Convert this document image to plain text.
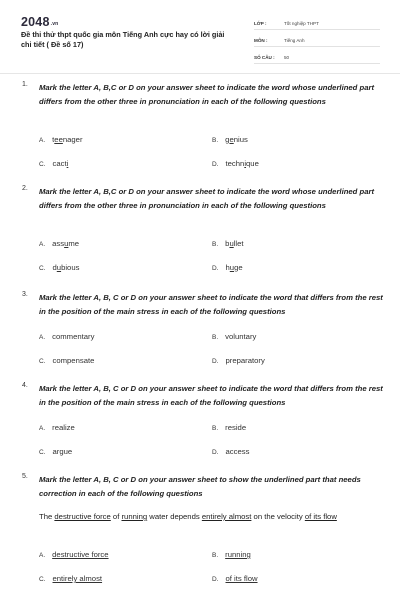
2048.vn
Đề thi thử thpt quốc gia môn Tiếng Anh cực hay có lời giải chi tiết ( Đề số 17)
LỚP :	Tốt nghiệp THPT
MÔN :	Tiếng Anh
SỐ CÂU :	50
1. Mark the letter A, B,C or D on your answer sheet to indicate the word whose underlined part differs from the other three in pronunciation in each of the following questions
A. teenager	B. genius
C. cacti	D. technique
2. Mark the letter A, B,C or D on your answer sheet to indicate the word whose underlined part differs from the other three in pronunciation in each of the following questions
A. assume	B. bullet
C. dubious	D. huge
3. Mark the letter A, B, C or D on your answer sheet to indicate the word that differs from the rest in the position of the main stress in each of the following questions
A. commentary	B. voluntary
C. compensate	D. preparatory
4. Mark the letter A, B, C or D on your answer sheet to indicate the word that differs from the rest in the position of the main stress in each of the following questions
A. realize	B. reside
C. argue	D. access
5. Mark the letter A, B, C or D on your answer sheet to show the underlined part that needs correction in each of the following questions
The destructive force of running water depends entirely almost on the velocity of its flow
A. destructive force	B. running
C. entirely almost	D. of its flow
